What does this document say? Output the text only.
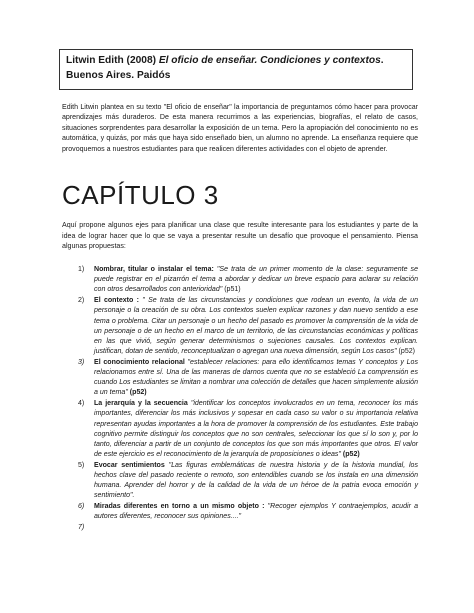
Litwin Edith (2008) El oficio de enseñar. Condiciones y contextos. Buenos Aires. Paidós

Edith Litwin plantea en su texto "El oficio de enseñar" la importancia de preguntarnos cómo hacer para provocar aprendizajes más duraderos. De esta manera recurrimos a las experiencias, biografías, el relato de casos, situaciones sorprendentes para desarrollar la exposición de un tema. Pero la apropiación del conocimiento no es automática, y quizás, por más que haya sido enseñado bien, un alumno no aprende. La enseñanza requiere que provoquemos a nuestros estudiantes para que realicen diferentes actividades con el objeto de aprender.

CAPÍTULO 3

Aquí propone algunos ejes para planificar una clase que resulte interesante para los estudiantes y parte de la idea de lograr hacer que lo que se vaya a presentar resulte un desafío que provoque el pensamiento. Piensa algunas propuestas:

1) Nombrar, titular o instalar el tema: "Se trata de un primer momento de la clase: seguramente se puede registrar en el pizarrón el tema a abordar y dedicar un breve espacio para aclarar su relación con otros desarrollados con anterioridad" (p51)
2) El contexto : " Se trata de las circunstancias y condiciones que rodean un evento, la vida de un personaje o la creación de su obra. Los contextos suelen explicar razones y dan nuevo sentido a ese tema o problema. Citar un personaje o un hecho del pasado es promover la comprensión de la vida de un personaje o de un hecho en el marco de un territorio, de las circunstancias económicas y políticas en las que vivió, según generar determinismos o sujeciones causales. Los contextos explican. justifican, dotan de sentido, reconceptualizan o agregan una nueva dimensión, según Los casos" (p52)
3) El conocimiento relacional "establecer relaciones: para ello identificamos temas Y conceptos y Los relacionamos entre sí. Una de las maneras de darnos cuenta que no se estableció La comprensión es cuando Los estudiantes se limitan a nombrar una colección de detalles que hacen simplemente alusión a un tema" (p52)
4) La jerarquía y la secuencia "identificar los conceptos involucrados en un tema, reconocer los más importantes, diferenciar los más inclusivos y sopesar en cada caso su valor o su importancia relativa representan ayudas importantes a la hora de promover la comprensión de los estudiantes. Este trabajo cognitivo permite distinguir los conceptos que no son centrales, seleccionar los que sí lo son y, por lo tanto, diferenciar a partir de un conjunto de conceptos los que son más importantes que otros. El valor de este ejercicio es el reconocimiento de la jerarquía de proposiciones o ideas" (p52)
5) Evocar sentimientos "Las figuras emblemáticas de nuestra historia y de la historia mundial, los hechos clave del pasado reciente o remoto, son entendibles cuando se los instala en una dimensión humana. Aprender del horror y de la calidad de la vida de un héroe de la patria evoca emoción y sentimiento".
6) Miradas diferentes en torno a un mismo objeto : "Recoger ejemplos Y contraejemplos, acudir a autores diferentes, reconocer sus opiniones...."
7)
